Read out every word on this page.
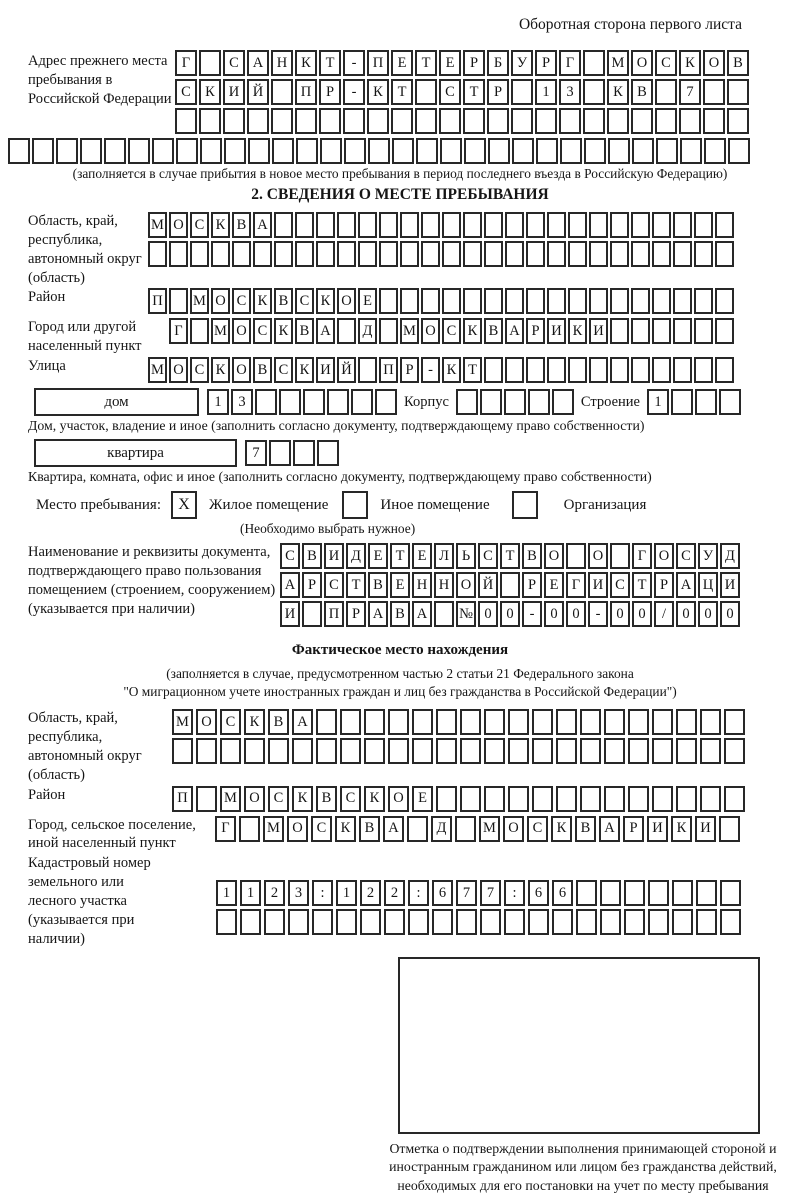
Оборотная сторона первого листа
Адрес прежнего места пребывания в Российской Федерации
Г	С А Н К	Т	-	П Е	Т	Е	Р	Б	У	Р	Г	М О С К О В
С К И Й	П	Р	-	К	Т	С	Т	Р	1	3	К В	7
(заполняется в случае прибытия в новое место пребывания в период последнего въезда в Российскую Федерацию)
2. СВЕДЕНИЯ О МЕСТЕ ПРЕБЫВАНИЯ
Область, край, республика, автономный округ (область)
М О С К В А
Район	П М О С К В С К О Е
Город или другой населенный пункт
Г	М О С К В А	Д	М О С К В А Р И К И
Улица	М О С К О В С К И Й П Р	- К Т
дом	1	3	Корпус	Строение 1
Дом, участок, владение и иное (заполнить согласно документу, подтверждающему право собственности)
квартира	7
Квартира, комната, офис и иное (заполнить согласно документу, подтверждающему право собственности)
Место пребывания:	X	Жилое помещение	Иное помещение	Организация
(Необходимо выбрать нужное)
Наименование и реквизиты документа, подтверждающего право пользования помещением (строением, сооружением) (указывается при наличии)
С В И Д Е Т Е Л Ь С Т В О	О	Г О С У Д
А Р С Т В Е Н Н О Й	Р Е Г И С Т Р А Ц И
И	П Р А В А	№ 0	0	-	0	0	-	0	0	/	0	0	0
Фактическое место нахождения
(заполняется в случае, предусмотренном частью 2 статьи 21 Федерального закона
"О миграционном учете иностранных граждан и лиц без гражданства в Российской Федерации")
Область, край, республика, автономный округ (область)
М О С К В А
Район	П	М О С К В С К О Е
Город, сельское поселение, иной населенный пункт
Г	М О С К В А	Д	М О С К В А	Р	И К И
Кадастровый номер земельного или лесного участка (указывается при наличии)
1	1	2	3	:	1	2	2	:	6	7	7	:	6	6
Отметка о подтверждении выполнения принимающей стороной и иностранным гражданином или лицом без гражданства действий, необходимых для его постановки на учет по месту пребывания
